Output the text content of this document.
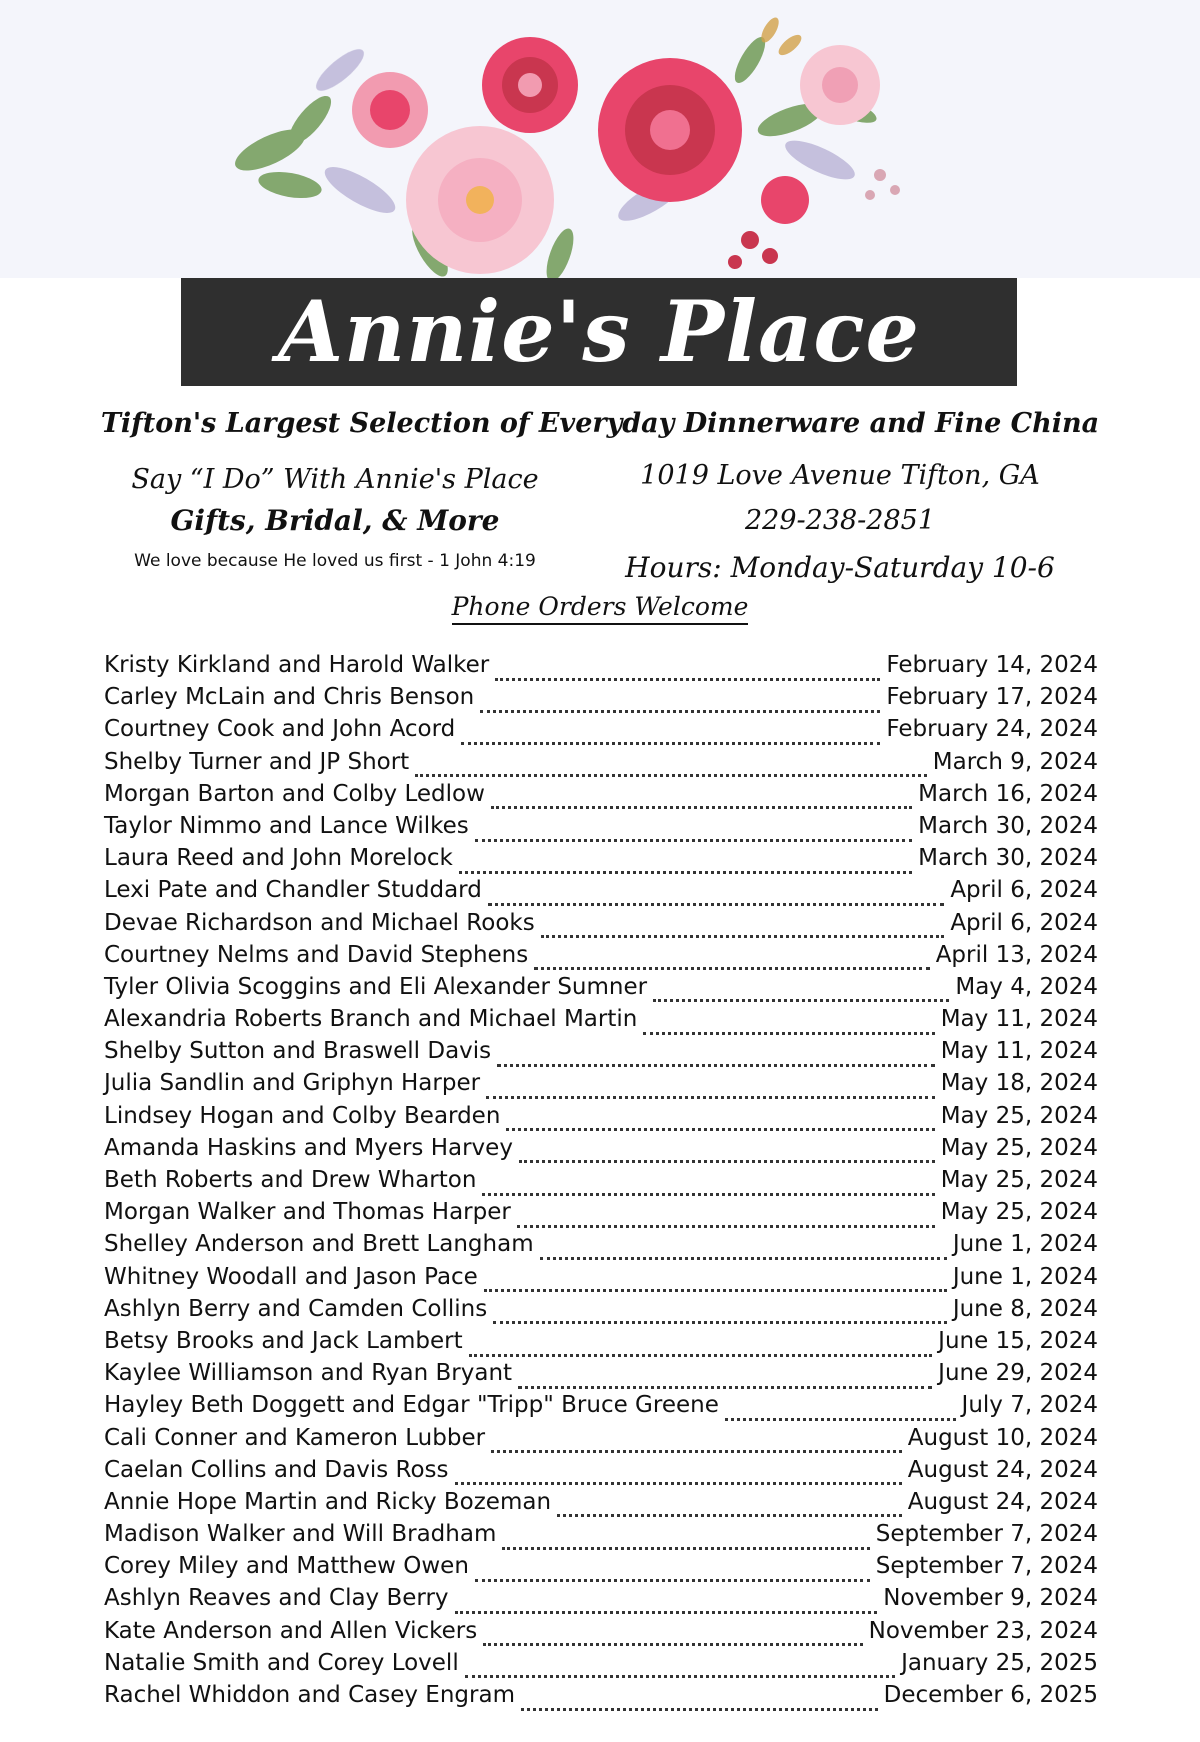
Annie's Place
Tifton's Largest Selection of Everyday Dinnerware and Fine China
Say “I Do” With Annie's Place
Gifts, Bridal, & More
We love because He loved us first - 1 John 4:19
1019 Love Avenue Tifton, GA
229-238-2851
Hours: Monday-Saturday 10-6
Phone Orders Welcome
Kristy Kirkland and Harold Walker	February 14, 2024
Carley McLain and Chris Benson	February 17, 2024
Courtney Cook and John Acord	February 24, 2024
Shelby Turner and JP Short	March 9, 2024
Morgan Barton and Colby Ledlow	March 16, 2024
Taylor Nimmo and Lance Wilkes	March 30, 2024
Laura Reed and John Morelock	March 30, 2024
Lexi Pate and Chandler Studdard	April 6, 2024
Devae Richardson and Michael Rooks	April 6, 2024
Courtney Nelms and David Stephens	April 13, 2024
Tyler Olivia Scoggins and Eli Alexander Sumner	May 4, 2024
Alexandria Roberts Branch and Michael Martin	May 11, 2024
Shelby Sutton and Braswell Davis	May 11, 2024
Julia Sandlin and Griphyn Harper	May 18, 2024
Lindsey Hogan and Colby Bearden	May 25, 2024
Amanda Haskins and Myers Harvey	May 25, 2024
Beth Roberts and Drew Wharton	May 25, 2024
Morgan Walker and Thomas Harper	May 25, 2024
Shelley Anderson and Brett Langham	June 1, 2024
Whitney Woodall and Jason Pace	June 1, 2024
Ashlyn Berry and Camden Collins	June 8, 2024
Betsy Brooks and Jack Lambert	June 15, 2024
Kaylee Williamson and Ryan Bryant	June 29, 2024
Hayley Beth Doggett and Edgar "Tripp" Bruce Greene	July 7, 2024
Cali Conner and Kameron Lubber	August 10, 2024
Caelan Collins and Davis Ross	August 24, 2024
Annie Hope Martin and Ricky Bozeman	August 24, 2024
Madison Walker and Will Bradham	September 7, 2024
Corey Miley and Matthew Owen	September 7, 2024
Ashlyn Reaves and Clay Berry	November 9, 2024
Kate Anderson and Allen Vickers	November 23, 2024
Natalie Smith and Corey Lovell	January 25, 2025
Rachel Whiddon and Casey Engram	December 6, 2025
